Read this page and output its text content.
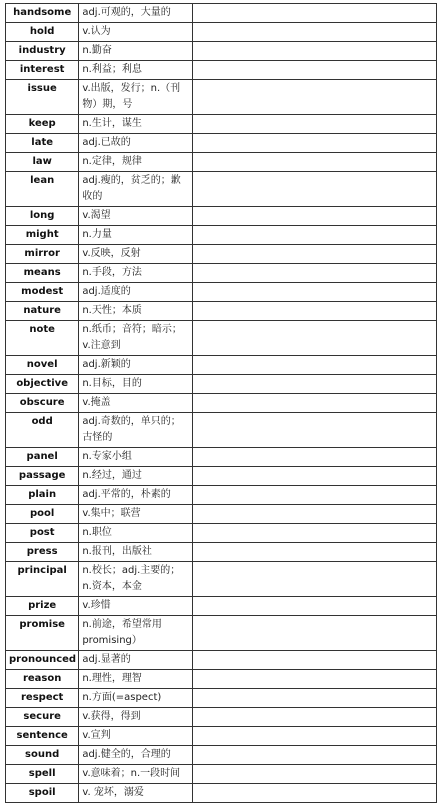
handsome	adj.可观的，大量的	
hold	v.认为	
industry	n.勤奋	
interest	n.利益；利息	
issue	v.出版，发行；n.（刊物）期，号	
keep	n.生计，谋生	
late	adj.已故的	
law	n.定律，规律	
lean	adj.瘦的，贫乏的；歉收的	
long	v.渴望	
might	n.力量	
mirror	v.反映，反射	
means	n.手段，方法	
modest	adj.适度的	
nature	n.天性；本质	
note	n.纸币；音符；暗示；v.注意到	
novel	adj.新颖的	
objective	n.目标，目的	
obscure	v.掩盖	
odd	adj.奇数的，单只的；古怪的	
panel	n.专家小组	
passage	n.经过，通过	
plain	adj.平常的，朴素的	
pool	v.集中；联营	
post	n.职位	
press	n.报刊，出版社	
principal	n.校长；adj.主要的；n.资本，本金	
prize	v.珍惜	
promise	n.前途，希望常用promising）	
pronounced	adj.显著的	
reason	n.理性，理智	
respect	n.方面(=aspect)	
secure	v.获得，得到	
sentence	v.宣判	
sound	adj.健全的，合理的	
spell	v.意味着；n.一段时间	
spoil	v. 宠坏，溺爱	
